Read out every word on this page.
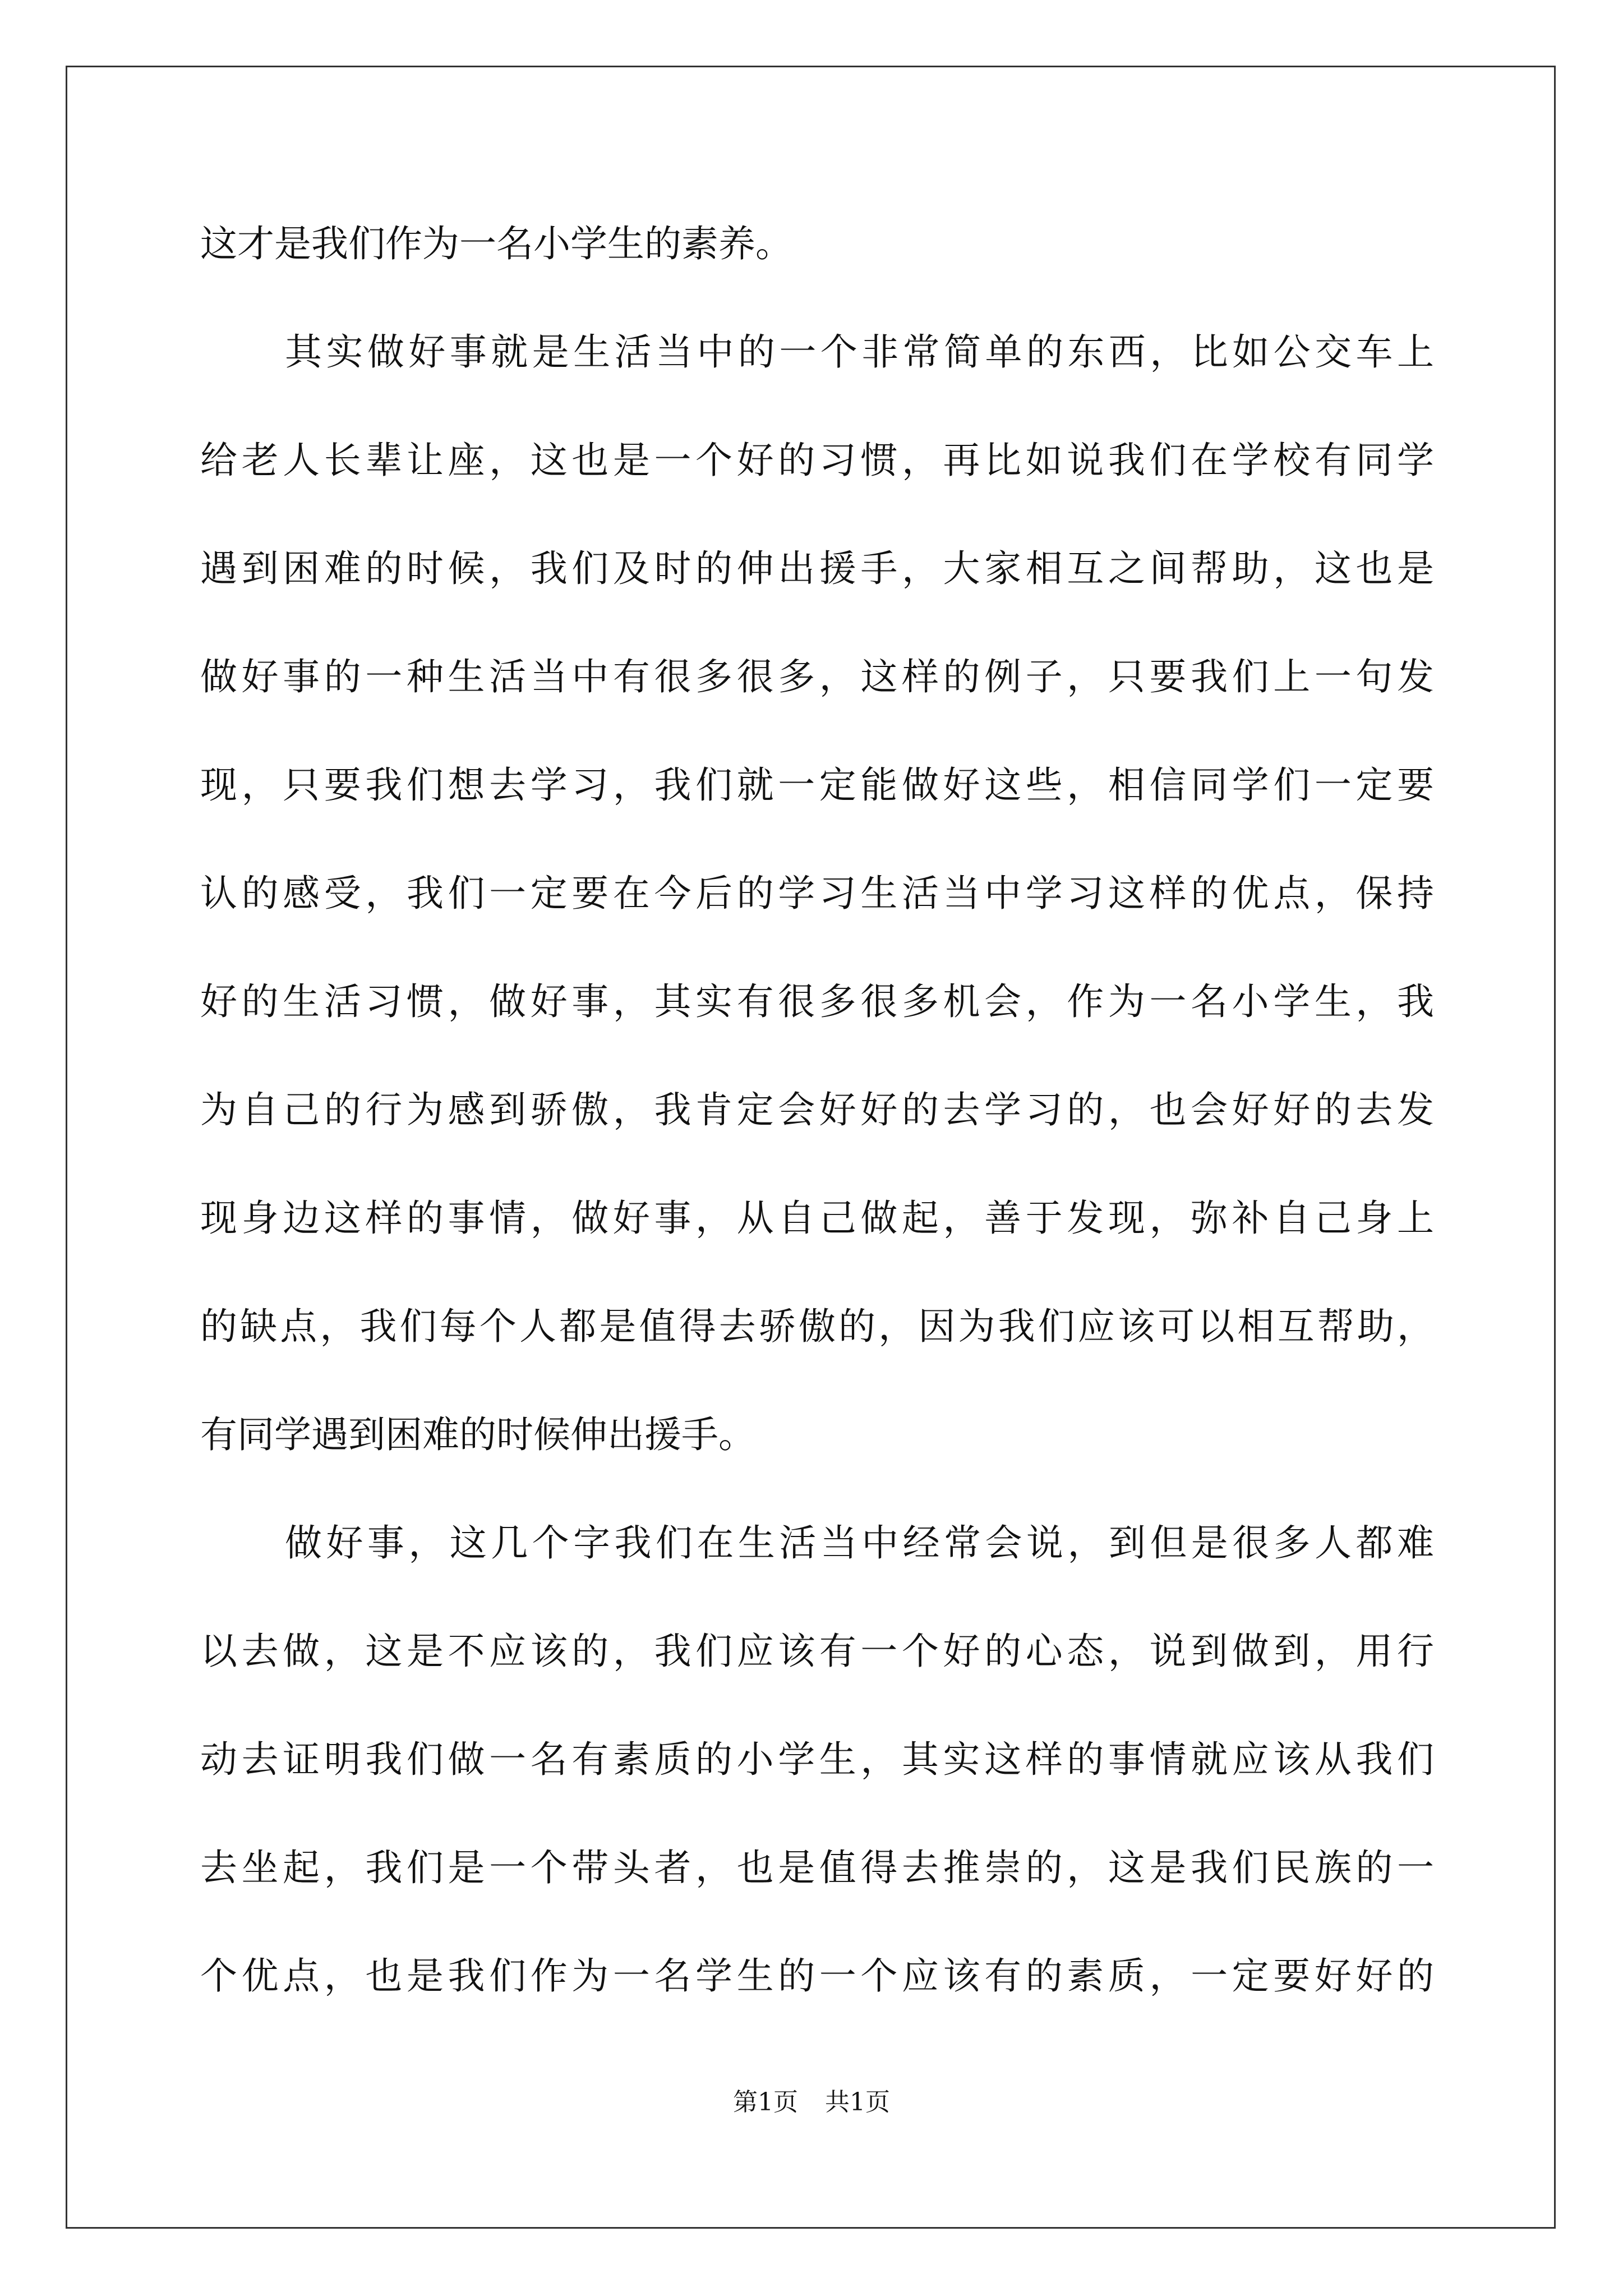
这才是我们作为一名小学生的素养。
其实做好事就是生活当中的一个非常简单的东西，比如公交车上
给老人长辈让座，这也是一个好的习惯，再比如说我们在学校有同学
遇到困难的时候，我们及时的伸出援手，大家相互之间帮助，这也是
做好事的一种生活当中有很多很多，这样的例子，只要我们上一句发
现，只要我们想去学习，我们就一定能做好这些，相信同学们一定要
认的感受，我们一定要在今后的学习生活当中学习这样的优点，保持
好的生活习惯，做好事，其实有很多很多机会，作为一名小学生，我
为自己的行为感到骄傲，我肯定会好好的去学习的，也会好好的去发
现身边这样的事情，做好事，从自己做起，善于发现，弥补自己身上
的缺点，我们每个人都是值得去骄傲的，因为我们应该可以相互帮助，
有同学遇到困难的时候伸出援手。
做好事，这几个字我们在生活当中经常会说，到但是很多人都难
以去做，这是不应该的，我们应该有一个好的心态，说到做到，用行
动去证明我们做一名有素质的小学生，其实这样的事情就应该从我们
去坐起，我们是一个带头者，也是值得去推崇的，这是我们民族的一
个优点，也是我们作为一名学生的一个应该有的素质，一定要好好的
第1页 共1页
